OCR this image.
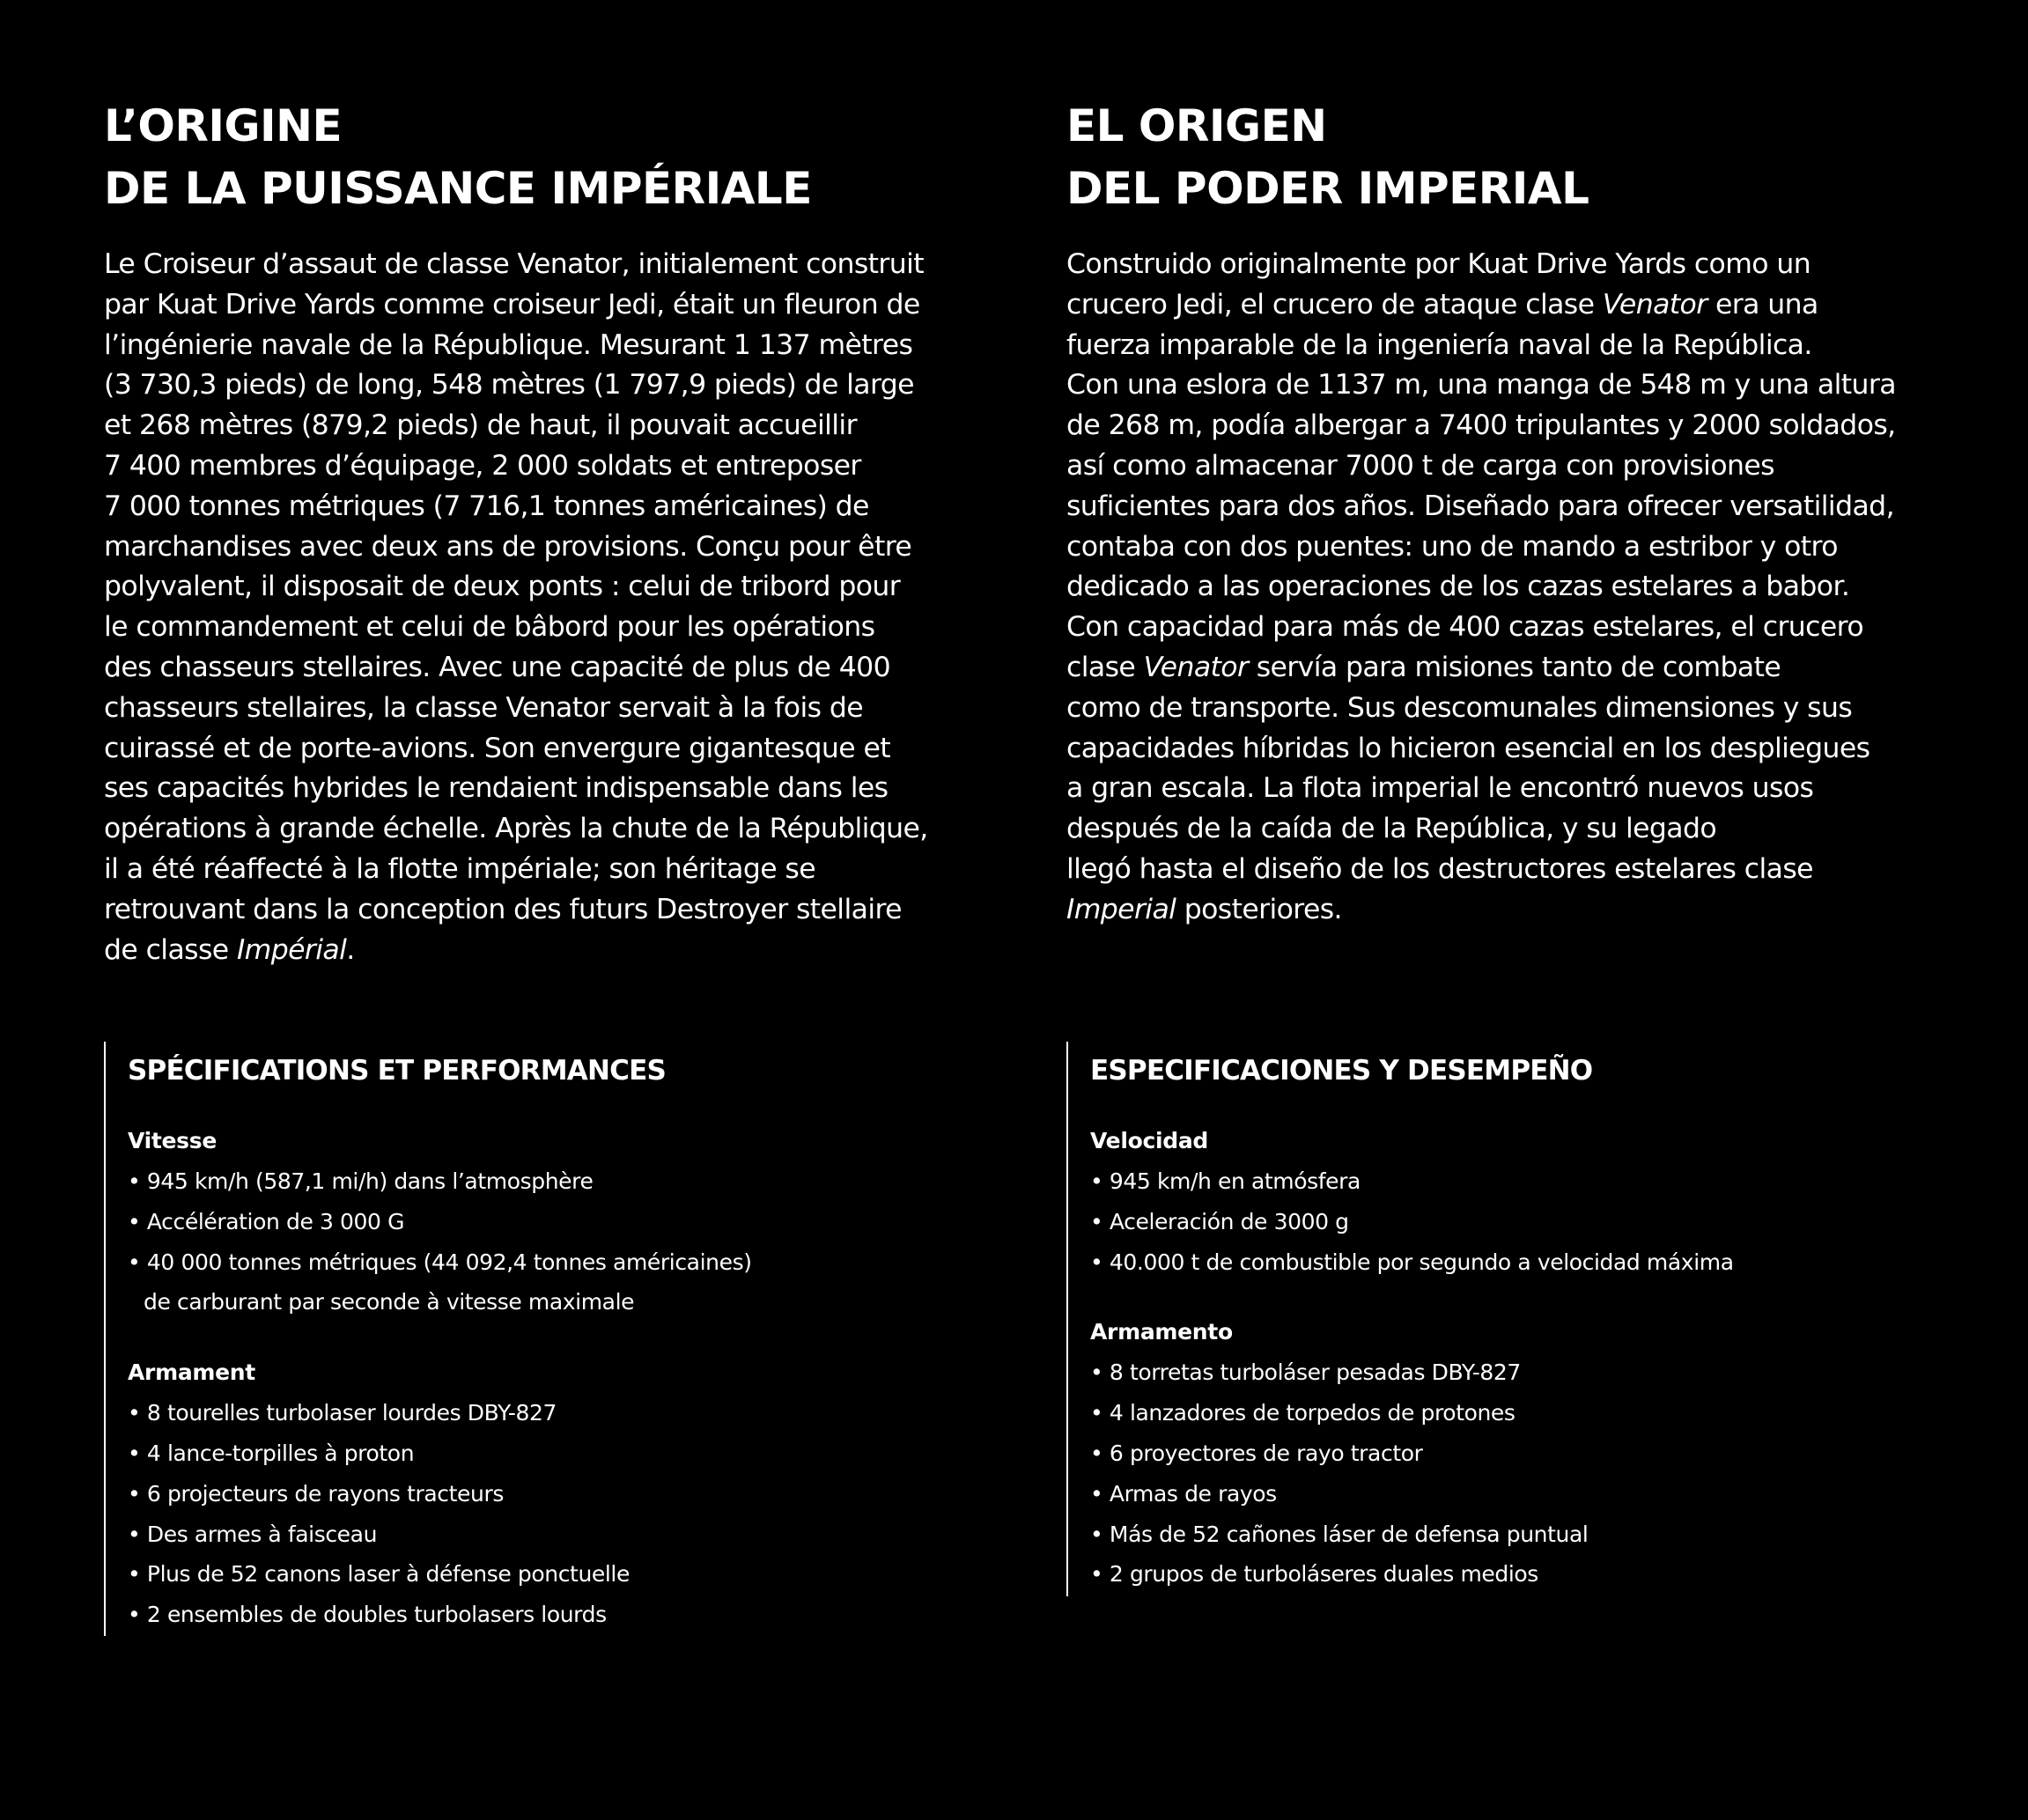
L’ORIGINE
DE LA PUISSANCE IMPÉRIALE

Le Croiseur d’assaut de classe Venator, initialement construit
par Kuat Drive Yards comme croiseur Jedi, était un fleuron de
l’ingénierie navale de la République. Mesurant 1 137 mètres
(3 730,3 pieds) de long, 548 mètres (1 797,9 pieds) de large
et 268 mètres (879,2 pieds) de haut, il pouvait accueillir
7 400 membres d’équipage, 2 000 soldats et entreposer
7 000 tonnes métriques (7 716,1 tonnes américaines) de
marchandises avec deux ans de provisions. Conçu pour être
polyvalent, il disposait de deux ponts : celui de tribord pour
le commandement et celui de bâbord pour les opérations
des chasseurs stellaires. Avec une capacité de plus de 400
chasseurs stellaires, la classe Venator servait à la fois de
cuirassé et de porte-avions. Son envergure gigantesque et
ses capacités hybrides le rendaient indispensable dans les
opérations à grande échelle. Après la chute de la République,
il a été réaffecté à la flotte impériale; son héritage se
retrouvant dans la conception des futurs Destroyer stellaire
de classe Impérial.

SPÉCIFICATIONS ET PERFORMANCES
Vitesse
• 945 km/h (587,1 mi/h) dans l’atmosphère
• Accélération de 3 000 G
• 40 000 tonnes métriques (44 092,4 tonnes américaines)
de carburant par seconde à vitesse maximale
Armament
• 8 tourelles turbolaser lourdes DBY-827
• 4 lance-torpilles à proton
• 6 projecteurs de rayons tracteurs
• Des armes à faisceau
• Plus de 52 canons laser à défense ponctuelle
• 2 ensembles de doubles turbolasers lourds
EL ORIGEN
DEL PODER IMPERIAL

Construido originalmente por Kuat Drive Yards como un
crucero Jedi, el crucero de ataque clase Venator era una
fuerza imparable de la ingeniería naval de la República.
Con una eslora de 1137 m, una manga de 548 m y una altura
de 268 m, podía albergar a 7400 tripulantes y 2000 soldados,
así como almacenar 7000 t de carga con provisiones
suficientes para dos años. Diseñado para ofrecer versatilidad,
contaba con dos puentes: uno de mando a estribor y otro
dedicado a las operaciones de los cazas estelares a babor.
Con capacidad para más de 400 cazas estelares, el crucero
clase Venator servía para misiones tanto de combate
como de transporte. Sus descomunales dimensiones y sus
capacidades híbridas lo hicieron esencial en los despliegues
a gran escala. La flota imperial le encontró nuevos usos
después de la caída de la República, y su legado
llegó hasta el diseño de los destructores estelares clase
Imperial posteriores.

ESPECIFICACIONES Y DESEMPEÑO
Velocidad
• 945 km/h en atmósfera
• Aceleración de 3000 g
• 40.000 t de combustible por segundo a velocidad máxima
Armamento
• 8 torretas turboláser pesadas DBY-827
• 4 lanzadores de torpedos de protones
• 6 proyectores de rayo tractor
• Armas de rayos
• Más de 52 cañones láser de defensa puntual
• 2 grupos de turboláseres duales medios
